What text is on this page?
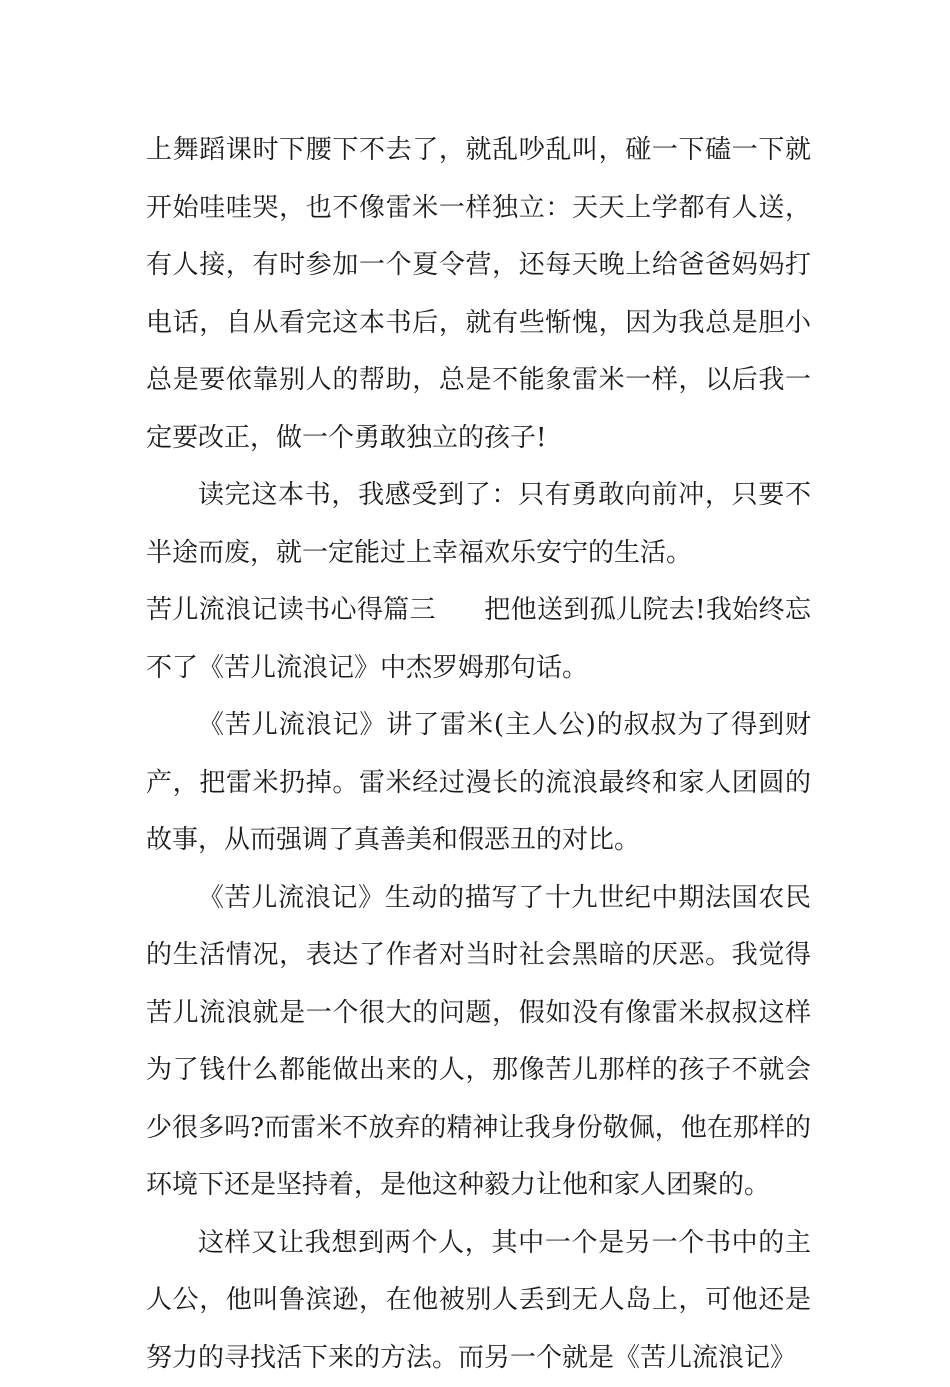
上舞蹈课时下腰下不去了，就乱吵乱叫，碰一下磕一下就开始哇哇哭，也不像雷米一样独立：天天上学都有人送，有人接，有时参加一个夏令营，还每天晚上给爸爸妈妈打电话，自从看完这本书后，就有些惭愧，因为我总是胆小总是要依靠别人的帮助，总是不能象雷米一样，以后我一定要改正，做一个勇敢独立的孩子!

读完这本书，我感受到了：只有勇敢向前冲，只要不半途而废，就一定能过上幸福欢乐安宁的生活。

苦儿流浪记读书心得篇三 把他送到孤儿院去!我始终忘不了《苦儿流浪记》中杰罗姆那句话。

《苦儿流浪记》讲了雷米(主人公)的叔叔为了得到财产，把雷米扔掉。雷米经过漫长的流浪最终和家人团圆的故事，从而强调了真善美和假恶丑的对比。

《苦儿流浪记》生动的描写了十九世纪中期法国农民的生活情况，表达了作者对当时社会黑暗的厌恶。我觉得苦儿流浪就是一个很大的问题，假如没有像雷米叔叔这样为了钱什么都能做出来的人，那像苦儿那样的孩子不就会少很多吗?而雷米不放弃的精神让我身份敬佩，他在那样的环境下还是坚持着，是他这种毅力让他和家人团聚的。

这样又让我想到两个人，其中一个是另一个书中的主人公，他叫鲁滨逊，在他被别人丢到无人岛上，可他还是努力的寻找活下来的方法。而另一个就是《苦儿流浪记》
